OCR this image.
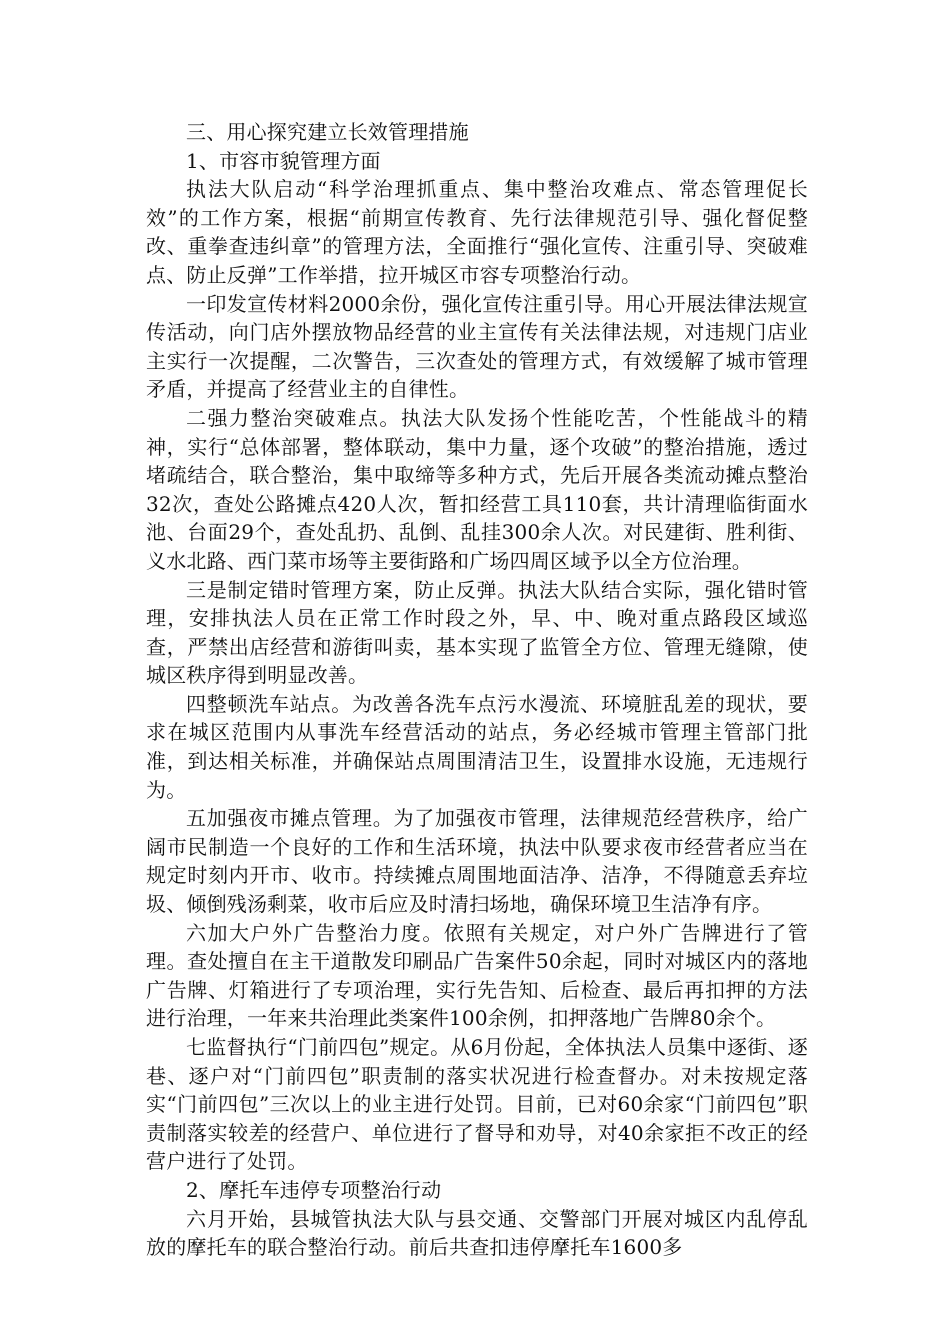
三、用心探究建立长效管理措施

1、市容市貌管理方面

执法大队启动“科学治理抓重点、集中整治攻难点、常态管理促长效”的工作方案，根据“前期宣传教育、先行法律规范引导、强化督促整改、重拳查违纠章”的管理方法，全面推行“强化宣传、注重引导、突破难点、防止反弹”工作举措，拉开城区市容专项整治行动。

一印发宣传材料2000余份，强化宣传注重引导。用心开展法律法规宣传活动，向门店外摆放物品经营的业主宣传有关法律法规，对违规门店业主实行一次提醒，二次警告，三次查处的管理方式，有效缓解了城市管理矛盾，并提高了经营业主的自律性。

二强力整治突破难点。执法大队发扬个性能吃苦，个性能战斗的精神，实行“总体部署，整体联动，集中力量，逐个攻破”的整治措施，透过堵疏结合，联合整治，集中取缔等多种方式，先后开展各类流动摊点整治32次，查处公路摊点420人次，暂扣经营工具110套，共计清理临街面水池、台面29个，查处乱扔、乱倒、乱挂300余人次。对民建街、胜利街、义水北路、西门菜市场等主要街路和广场四周区域予以全方位治理。

三是制定错时管理方案，防止反弹。执法大队结合实际，强化错时管理，安排执法人员在正常工作时段之外，早、中、晚对重点路段区域巡查，严禁出店经营和游街叫卖，基本实现了监管全方位、管理无缝隙，使城区秩序得到明显改善。

四整顿洗车站点。为改善各洗车点污水漫流、环境脏乱差的现状，要求在城区范围内从事洗车经营活动的站点，务必经城市管理主管部门批准，到达相关标准，并确保站点周围清洁卫生，设置排水设施，无违规行为。

五加强夜市摊点管理。为了加强夜市管理，法律规范经营秩序，给广阔市民制造一个良好的工作和生活环境，执法中队要求夜市经营者应当在规定时刻内开市、收市。持续摊点周围地面洁净、洁净，不得随意丢弃垃圾、倾倒残汤剩菜，收市后应及时清扫场地，确保环境卫生洁净有序。

六加大户外广告整治力度。依照有关规定，对户外广告牌进行了管理。查处擅自在主干道散发印刷品广告案件50余起，同时对城区内的落地广告牌、灯箱进行了专项治理，实行先告知、后检查、最后再扣押的方法进行治理，一年来共治理此类案件100余例，扣押落地广告牌80余个。

七监督执行“门前四包”规定。从6月份起，全体执法人员集中逐街、逐巷、逐户对“门前四包”职责制的落实状况进行检查督办。对未按规定落实“门前四包”三次以上的业主进行处罚。目前，已对60余家“门前四包”职责制落实较差的经营户、单位进行了督导和劝导，对40余家拒不改正的经营户进行了处罚。

2、摩托车违停专项整治行动

六月开始，县城管执法大队与县交通、交警部门开展对城区内乱停乱放的摩托车的联合整治行动。前后共查扣违停摩托车1600多
